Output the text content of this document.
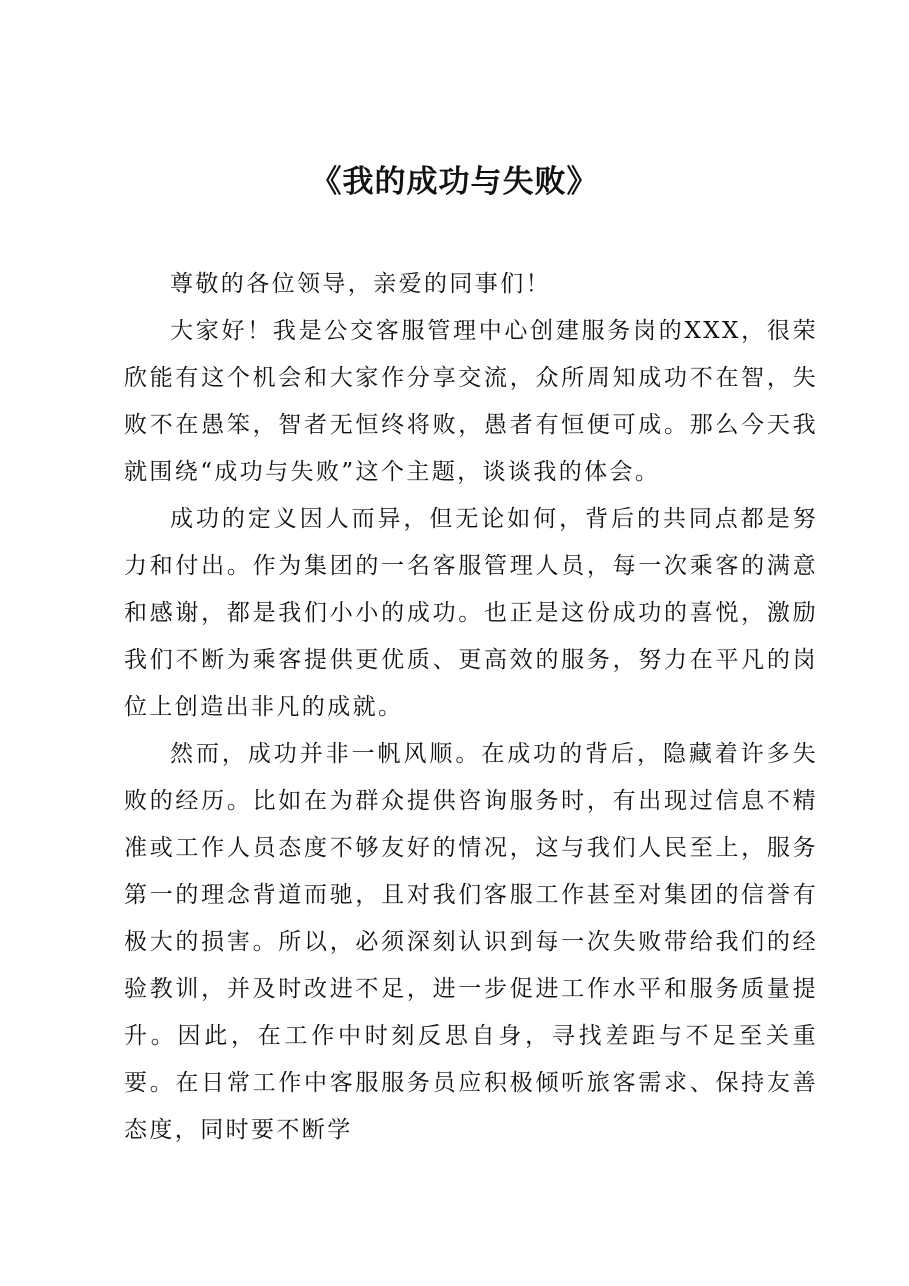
《我的成功与失败》

尊敬的各位领导，亲爱的同事们！

大家好！我是公交客服管理中心创建服务岗的XXX，很荣欣能有这个机会和大家作分享交流，众所周知成功不在智，失败不在愚笨，智者无恒终将败，愚者有恒便可成。那么今天我就围绕“成功与失败”这个主题，谈谈我的体会。

成功的定义因人而异，但无论如何，背后的共同点都是努力和付出。作为集团的一名客服管理人员，每一次乘客的满意和感谢，都是我们小小的成功。也正是这份成功的喜悦，激励我们不断为乘客提供更优质、更高效的服务，努力在平凡的岗位上创造出非凡的成就。

然而，成功并非一帆风顺。在成功的背后，隐藏着许多失败的经历。比如在为群众提供咨询服务时，有出现过信息不精准或工作人员态度不够友好的情况，这与我们人民至上，服务第一的理念背道而驰，且对我们客服工作甚至对集团的信誉有极大的损害。所以，必须深刻认识到每一次失败带给我们的经验教训，并及时改进不足，进一步促进工作水平和服务质量提升。因此，在工作中时刻反思自身，寻找差距与不足至关重要。在日常工作中客服服务员应积极倾听旅客需求、保持友善态度，同时要不断学
